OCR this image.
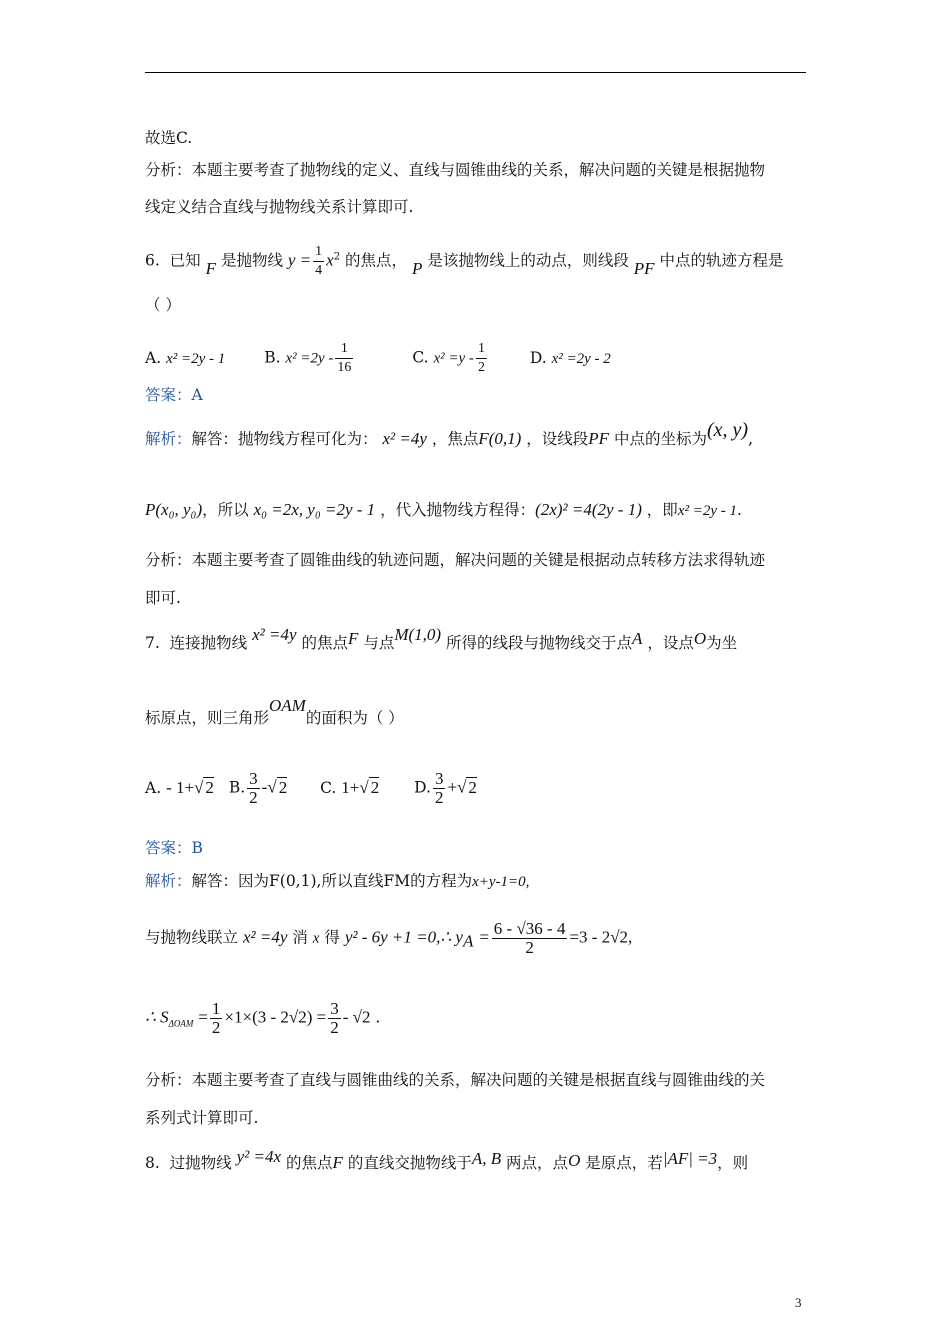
故选C.
分析：本题主要考查了抛物线的定义、直线与圆锥曲线的关系，解决问题的关键是根据抛物
线定义结合直线与抛物线关系计算即可.
6. 已知 F 是抛物线 $y = \frac{1}{4} x^2$ 的焦点， P 是该抛物线上的动点，则线段 PF 中点的轨迹方程是
（ ）
A. x² =2y - 1	B. $x^2 =2y - \frac{1}{16}$	C. $x^2 =y - \frac{1}{2}$	D. x² =2y - 2
答案：A
解析：解答：抛物线方程可化为： x² =4y ，焦点F(0,1) ，设线段PF 中点的坐标为(x, y),
P(x₀, y₀)，所以 x₀ =2x, y₀ =2y - 1 ，代入抛物线方程得：(2x)² =4(2y - 1) ，即x² =2y - 1.
分析：本题主要考查了圆锥曲线的轨迹问题，解决问题的关键是根据动点转移方法求得轨迹
即可.
7. 连接抛物线 x² =4y 的焦点F 与点M(1,0) 所得的线段与抛物线交于点A ，设点O为坐
标原点，则三角形OAM的面积为（ ）
A. - 1+√ 2 B. $\frac{3}{2}$ -√ 2 C. 1+√ 2 D. $\frac{3}{2}$ +√ 2
答案：B
解析：解答：因为F(0,1),所以直线FM的方程为x+y-1=0,
与抛物线联立 x² =4y 消 x 得 y² - 6y +1 =0,∴ $y_A = \frac{6 - √36 - 4}{2} =3 - 2√2$,
∴ $S_{\Delta OAM} = \frac{1}{2} \times 1\times(3 - 2√2) = \frac{3}{2} - √2$ .
分析：本题主要考查了直线与圆锥曲线的关系，解决问题的关键是根据直线与圆锥曲线的关
系列式计算即可.
8. 过抛物线 y² =4x 的焦点F 的直线交抛物线于A, B 两点，点O 是原点，若|AF| =3，则
3
